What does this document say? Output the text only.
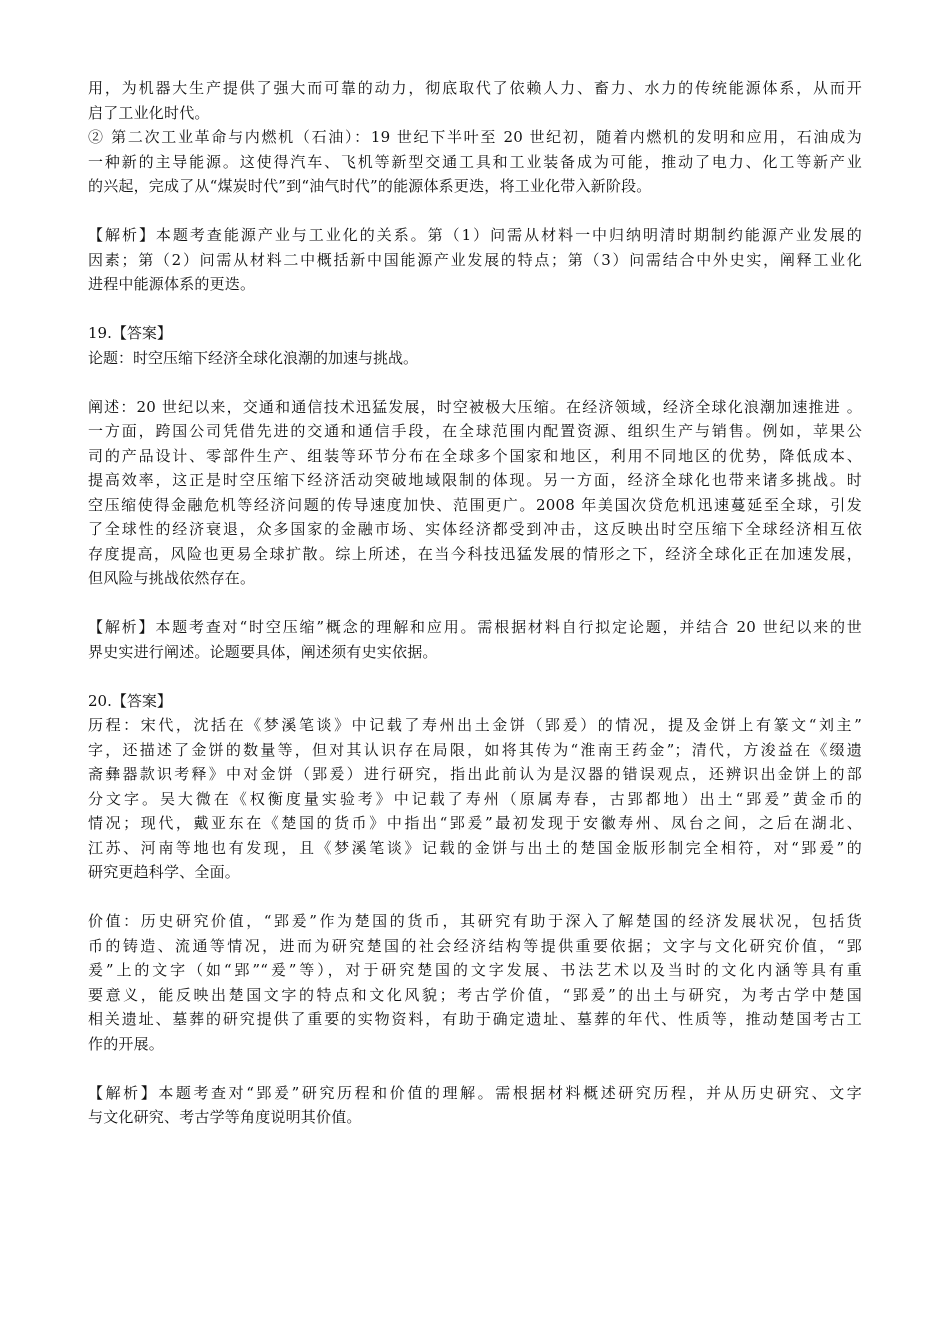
用，为机器大生产提供了强大而可靠的动力，彻底取代了依赖人力、畜力、水力的传统能源体系，从而开
启了工业化时代。
② 第二次工业革命与内燃机（石油）：19 世纪下半叶至 20 世纪初，随着内燃机的发明和应用，石油成为
一种新的主导能源。这使得汽车、飞机等新型交通工具和工业装备成为可能，推动了电力、化工等新产业
的兴起，完成了从“煤炭时代”到“油气时代”的能源体系更迭，将工业化带入新阶段。
【解析】本题考查能源产业与工业化的关系。第（1）问需从材料一中归纳明清时期制约能源产业发展的
因素；第（2）问需从材料二中概括新中国能源产业发展的特点；第（3）问需结合中外史实，阐释工业化
进程中能源体系的更迭。
19.【答案】
论题：时空压缩下经济全球化浪潮的加速与挑战。
阐述：20 世纪以来，交通和通信技术迅猛发展，时空被极大压缩。在经济领域，经济全球化浪潮加速推进 。
一方面，跨国公司凭借先进的交通和通信手段，在全球范围内配置资源、组织生产与销售。例如，苹果公
司的产品设计、零部件生产、组装等环节分布在全球多个国家和地区，利用不同地区的优势，降低成本、
提高效率，这正是时空压缩下经济活动突破地域限制的体现。另一方面，经济全球化也带来诸多挑战。时
空压缩使得金融危机等经济问题的传导速度加快、范围更广。2008 年美国次贷危机迅速蔓延至全球，引发
了全球性的经济衰退，众多国家的金融市场、实体经济都受到冲击，这反映出时空压缩下全球经济相互依
存度提高，风险也更易全球扩散。综上所述，在当今科技迅猛发展的情形之下，经济全球化正在加速发展，
但风险与挑战依然存在。
【解析】本题考查对“时空压缩”概念的理解和应用。需根据材料自行拟定论题，并结合 20 世纪以来的世
界史实进行阐述。论题要具体，阐述须有史实依据。
20.【答案】
历程：宋代，沈括在《梦溪笔谈》中记载了寿州出土金饼（郢爰）的情况，提及金饼上有篆文“刘主”
字，还描述了金饼的数量等，但对其认识存在局限，如将其传为“淮南王药金”；清代，方浚益在《缀遗
斋彝器款识考释》中对金饼（郢爰）进行研究，指出此前认为是汉器的错误观点，还辨识出金饼上的部
分文字。吴大微在《权衡度量实验考》中记载了寿州（原属寿春，古郢都地）出土“郢爰”黄金币的
情况；现代，戴亚东在《楚国的货币》中指出“郢爰”最初发现于安徽寿州、凤台之间，之后在湖北、
江苏、河南等地也有发现，且《梦溪笔谈》记载的金饼与出土的楚国金版形制完全相符，对“郢爰”的
研究更趋科学、全面。
价值：历史研究价值，“郢爰”作为楚国的货币，其研究有助于深入了解楚国的经济发展状况，包括货
币的铸造、流通等情况，进而为研究楚国的社会经济结构等提供重要依据；文字与文化研究价值，“郢
爰”上的文字（如“郢”“爰”等），对于研究楚国的文字发展、书法艺术以及当时的文化内涵等具有重
要意义，能反映出楚国文字的特点和文化风貌；考古学价值，“郢爰”的出土与研究，为考古学中楚国
相关遗址、墓葬的研究提供了重要的实物资料，有助于确定遗址、墓葬的年代、性质等，推动楚国考古工
作的开展。
【解析】本题考查对“郢爰”研究历程和价值的理解。需根据材料概述研究历程，并从历史研究、文字
与文化研究、考古学等角度说明其价值。
